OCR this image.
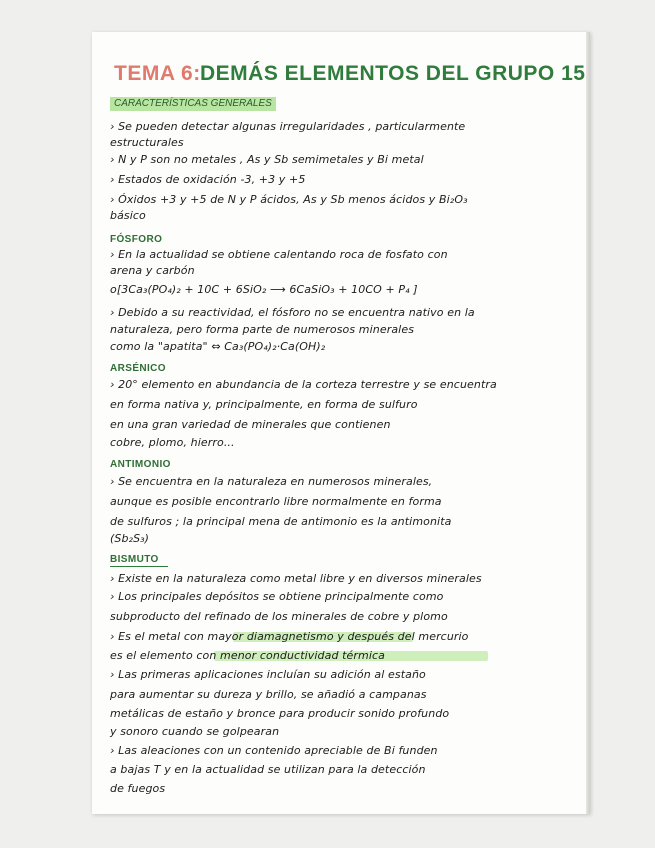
TEMA 6: DEMÁS ELEMENTOS DEL GRUPO 15
CARACTERÍSTICAS GENERALES
› Se pueden detectar algunas irregularidades , particularmente
estructurales
› N y P son no metales , As y Sb semimetales y Bi metal
› Estados de oxidación -3, +3 y +5
› Óxidos +3 y +5 de N y P ácidos, As y Sb menos ácidos y Bi₂O₃
básico
FÓSFORO
› En la actualidad se obtiene calentando roca de fosfato con
arena y carbón
o[3Ca₃(PO₄)₂ + 10C + 6SiO₂ ⟶ 6CaSiO₃ + 10CO + P₄ ]
› Debido a su reactividad, el fósforo no se encuentra nativo en la
naturaleza, pero forma parte de numerosos minerales
como la "apatita" ⇔ Ca₃(PO₄)₂·Ca(OH)₂
ARSÉNICO
› 20° elemento en abundancia de la corteza terrestre y se encuentra
en forma nativa y, principalmente, en forma de sulfuro
en una gran variedad de minerales que contienen
cobre, plomo, hierro...
ANTIMONIO
› Se encuentra en la naturaleza en numerosos minerales,
aunque es posible encontrarlo libre normalmente en forma
de sulfuros ; la principal mena de antimonio es la antimonita
(Sb₂S₃)
BISMUTO
› Existe en la naturaleza como metal libre y en diversos minerales
› Los principales depósitos se obtiene principalmente como
subproducto del refinado de los minerales de cobre y plomo
› Es el metal con mayor diamagnetismo y después del mercurio
es el elemento con menor conductividad térmica
› Las primeras aplicaciones incluían su adición al estaño
para aumentar su dureza y brillo, se añadió a campanas
metálicas de estaño y bronce para producir sonido profundo
y sonoro cuando se golpearan
› Las aleaciones con un contenido apreciable de Bi funden
a bajas T y en la actualidad se utilizan para la detección
de fuegos
